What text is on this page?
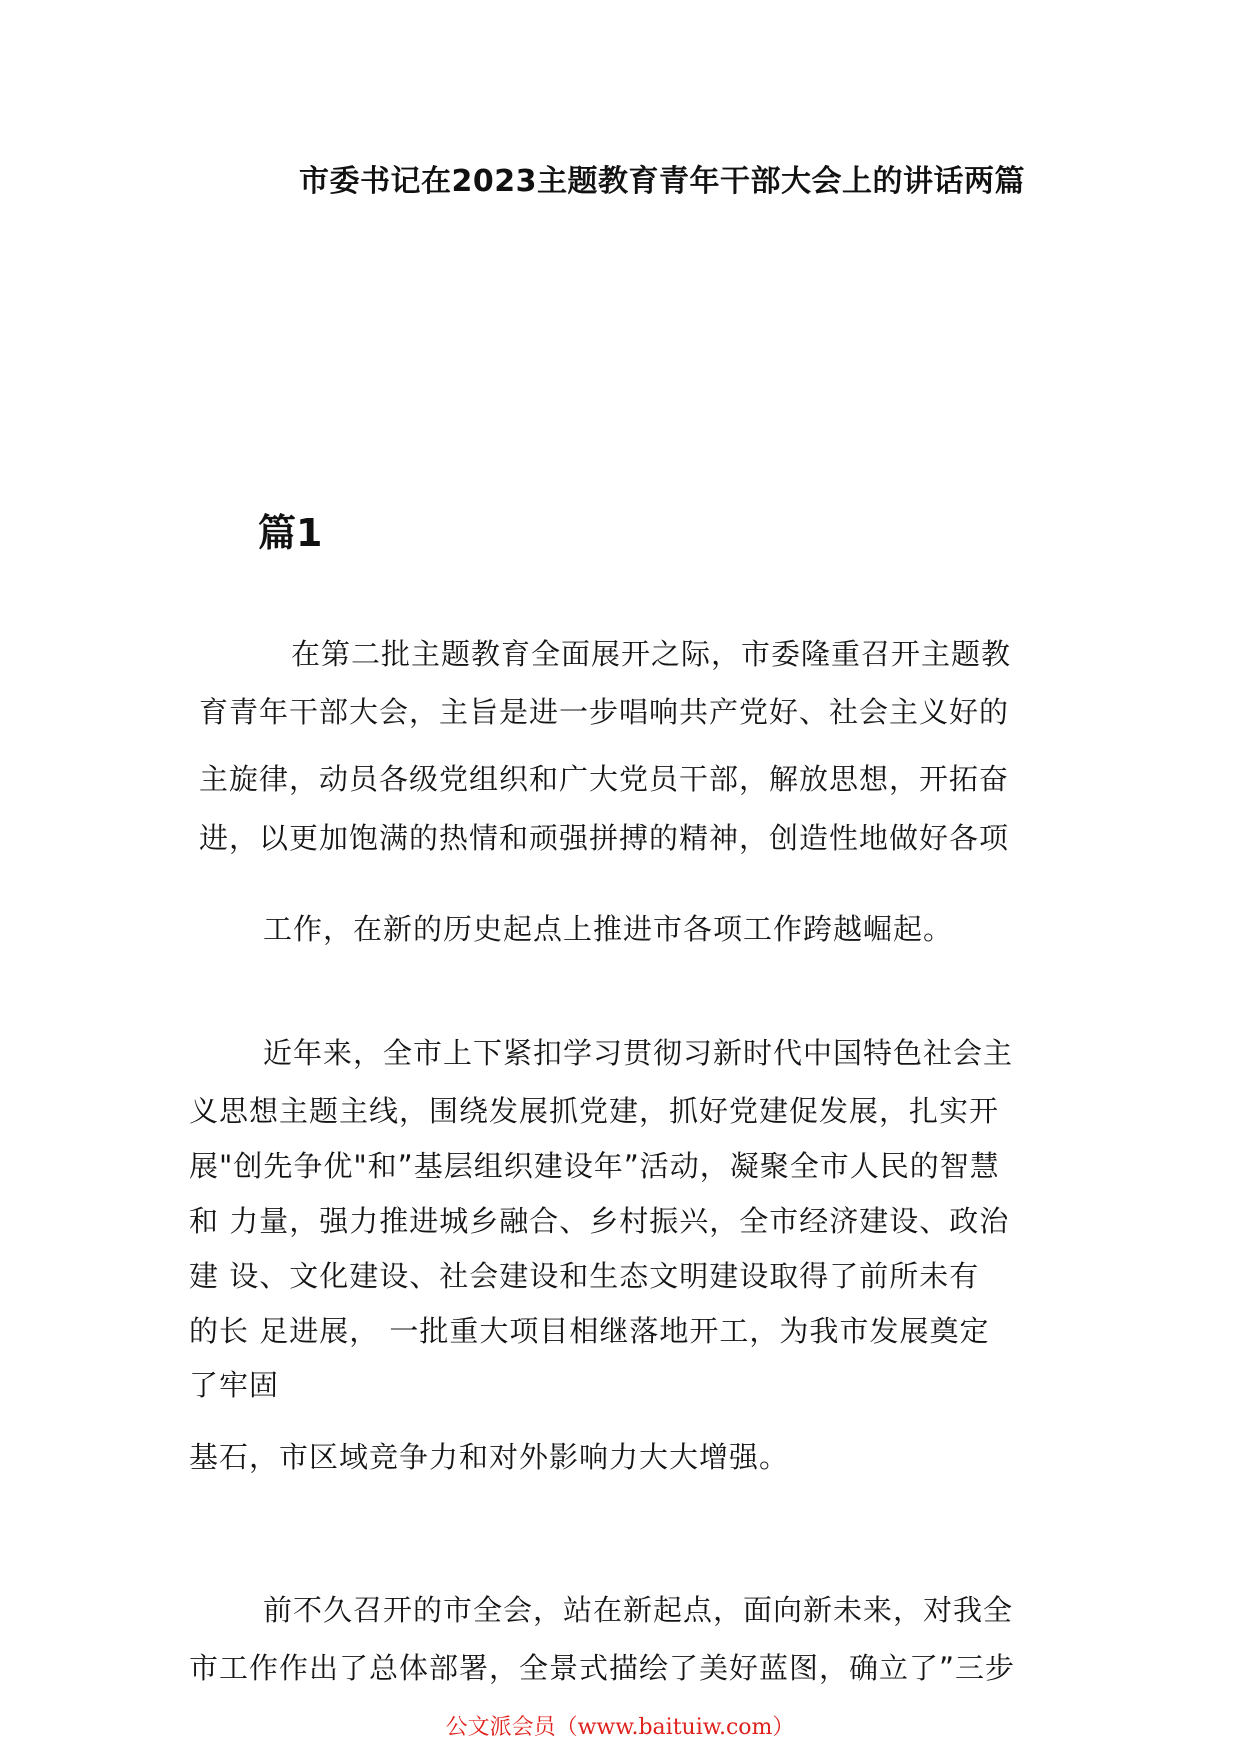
市委书记在2023主题教育青年干部大会上的讲话两篇
篇1
在第二批主题教育全面展开之际，市委隆重召开主题教
育青年干部大会，主旨是进一步唱响共产党好、社会主义好的
主旋律，动员各级党组织和广大党员干部，解放思想，开拓奋
进，以更加饱满的热情和顽强拼搏的精神，创造性地做好各项
工作，在新的历史起点上推进市各项工作跨越崛起。
近年来，全市上下紧扣学习贯彻习新时代中国特色社会主
义思想主题主线，围绕发展抓党建，抓好党建促发展，扎实开
展"创先争优"和”基层组织建设年”活动，凝聚全市人民的智慧
和 力量，强力推进城乡融合、乡村振兴，全市经济建设、政治
建 设、文化建设、社会建设和生态文明建设取得了前所未有
的长 足进展， 一批重大项目相继落地开工，为我市发展奠定
了牢固
基石，市区域竞争力和对外影响力大大增强。
前不久召开的市全会，站在新起点，面向新未来，对我全
市工作作出了总体部署，全景式描绘了美好蓝图，确立了”三步
公文派会员（www.baituiw.com）
